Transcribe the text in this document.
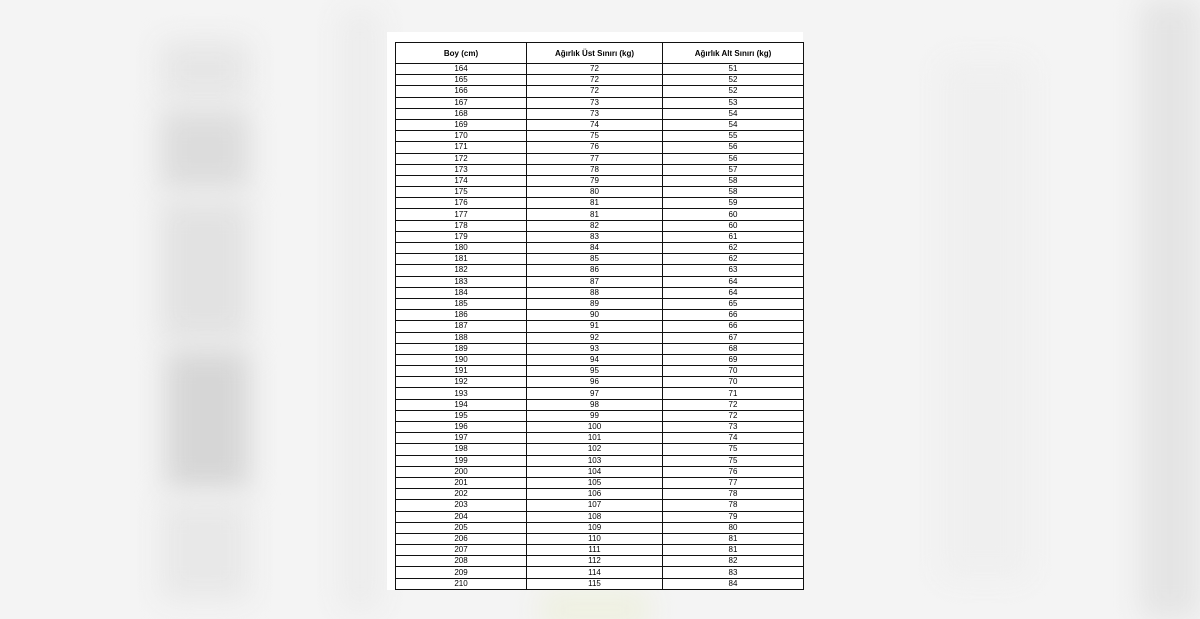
Boy (cm)	Ağırlık Üst Sınırı (kg)	Ağırlık Alt Sınırı (kg)
164	72	51
165	72	52
166	72	52
167	73	53
168	73	54
169	74	54
170	75	55
171	76	56
172	77	56
173	78	57
174	79	58
175	80	58
176	81	59
177	81	60
178	82	60
179	83	61
180	84	62
181	85	62
182	86	63
183	87	64
184	88	64
185	89	65
186	90	66
187	91	66
188	92	67
189	93	68
190	94	69
191	95	70
192	96	70
193	97	71
194	98	72
195	99	72
196	100	73
197	101	74
198	102	75
199	103	75
200	104	76
201	105	77
202	106	78
203	107	78
204	108	79
205	109	80
206	110	81
207	111	81
208	112	82
209	114	83
210	115	84
